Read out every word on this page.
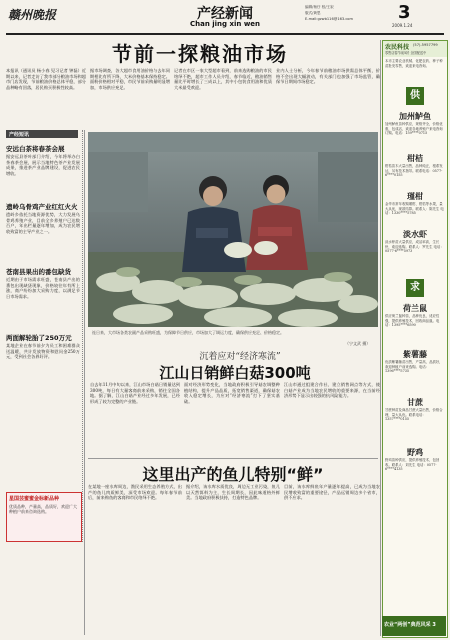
赣州晚报	产经新闻
Chan jing xin wen
编辑/杨仔 校/王寂
版式/黄思
E-mail:gzwb116@163.com	3
2009.1.24
节前一探粮油市场
本报讯（通讯员 杨小春 见习记者 钟磊）近期以来，记者走访了我市部分粮油市场和超市门店发现，节前粮油价格总体平稳，部分品种略有回落，居民购买积极性较高。
据市场调查，各大超市食用油价格与去年同期相比有所下降，大米价格基本保持稳定。面粉价格相对平稳，市民节前采购量明显增加，市场供应充足。
记者在市区一家大型超市看到，前来选购粮油的市民络绎不绝，超市工作人员介绍，春节临近，粮油销售量比平时增长了三成以上，其中小包装食用油和优质大米最受欢迎。
业内人士分析，今年春节前粮油市场供需总体平衡，价格不会出现大幅波动，有关部门也加强了市场监管，确保节日期间市场稳定。
产经短讯
安远白茶将春茶会展
据安远县茶叶部门介绍，今年将举办白茶春茶会展，展示当地特色茶产业发展成果，推进茶产业品牌建设，促进农民增收。
遗岭乌骨鸡产业红红火火
遗岭乡依托当地资源优势，大力发展乌骨鸡养殖产业，目前全乡养殖户已达数百户，年出栏量逐年增加，成为农民增收致富的主导产业之一。
苍南县果出的番包缺货
近期由于市场需求旺盛，苍南县产出的番包出现缺货现象，价格较往年有所上涨，商户纷纷加大采购力度，以满足节日市场需求。
两面解轮胎了250万元
某地企业在春节前夕为员工和困难群众送温暖，共计发放物资和慰问金250万元，受到社会各界好评。
星国芸蜜蜜金标新品种
优质品种，产量高，品质好，欢迎广大种植户前来咨询选购。
连日来，大市场各类农副产品采购旺盛，为保障节日供应，市场加大了调运力度，确保供应充足、价格稳定。
（宁文武 摄）
沉着应对“经济寒流”
江山日销鲜白菇300吨
自去年11月中旬以来，江山市场白菇日销量达到300吨，每日有大量客商前来采购，销往全国各地。据了解，江山白菇产业经过多年发展，已经形成了较为完整的产业链。
面对经济形势变化，当地政府积极引导菇农调整种植结构，提升产品品质，拓宽销售渠道，确保菇农收入稳定增长，为应对“经济寒流”打下了坚实基础。
江山市通过组建合作社、建立销售网点等方式，使白菇产业成为当地农民增收的重要来源，在当前经济形势下显示出较强的抗风险能力。
这里出产的鱼儿特别“鲜”
在某地一座水库周边，渔民采用生态养殖方式，出产的鱼儿肉质鲜美，深受市场欢迎。每年春节前后，前来购鱼的客商和市民络绎不绝。
据介绍，该水库水质优良，周边无工业污染，鱼儿以天然饵料为主，生长周期长，因此味道格外鲜美。当地政府积极扶持，打造特色品牌。
目前，该水库鲜鱼年产量逐年提高，已成为当地农民增收致富的重要途径，产品远销周边多个省市，供不应求。
农民科技 (57)-5957799
零售店春节前5折 全国配送中
本市主要农业机械、化肥农药、种子种苗批发零售，欢迎来电咨询。
供
加州鲈鱼
加州鲈鱼苗种供应，规格齐全，价格优惠，包成活，欢迎各地养殖户来电咨询订购。电话：159****0715
柑桔
柑桔苗木大量出售，品种纯正，根系发达，另有技术指导。联系电话：0577-6****0155
瑾柑
金华市常年收购瑾柑、柑桔等水果，量大从优，现款结算。联系人：陈先生 电话：1330****5785
淡水虾
淡水虾苗大量供应，成活率高，生长快，欢迎选购。联系人：罗先生 电话：0577-6****5973
求
荷兰鼠
供应荷兰鼠种苗，品种优良，适应性强，提供养殖技术，回收商品鼠。电话：1395****6590
紫薯藤
优质紫薯藤苗出售，产量高，品质好，欢迎种植户前来选购。电话：1396****5735
甘蔗
甘蔗种苗及商品甘蔗大量出售，价格合理，量大从优。联系电话：1357****0155
野鸡
野鸡苗种供应，提供养殖技术，包回收。联系人：刘先生 电话：0577-6****4135
农业“两创”典范风采 3
